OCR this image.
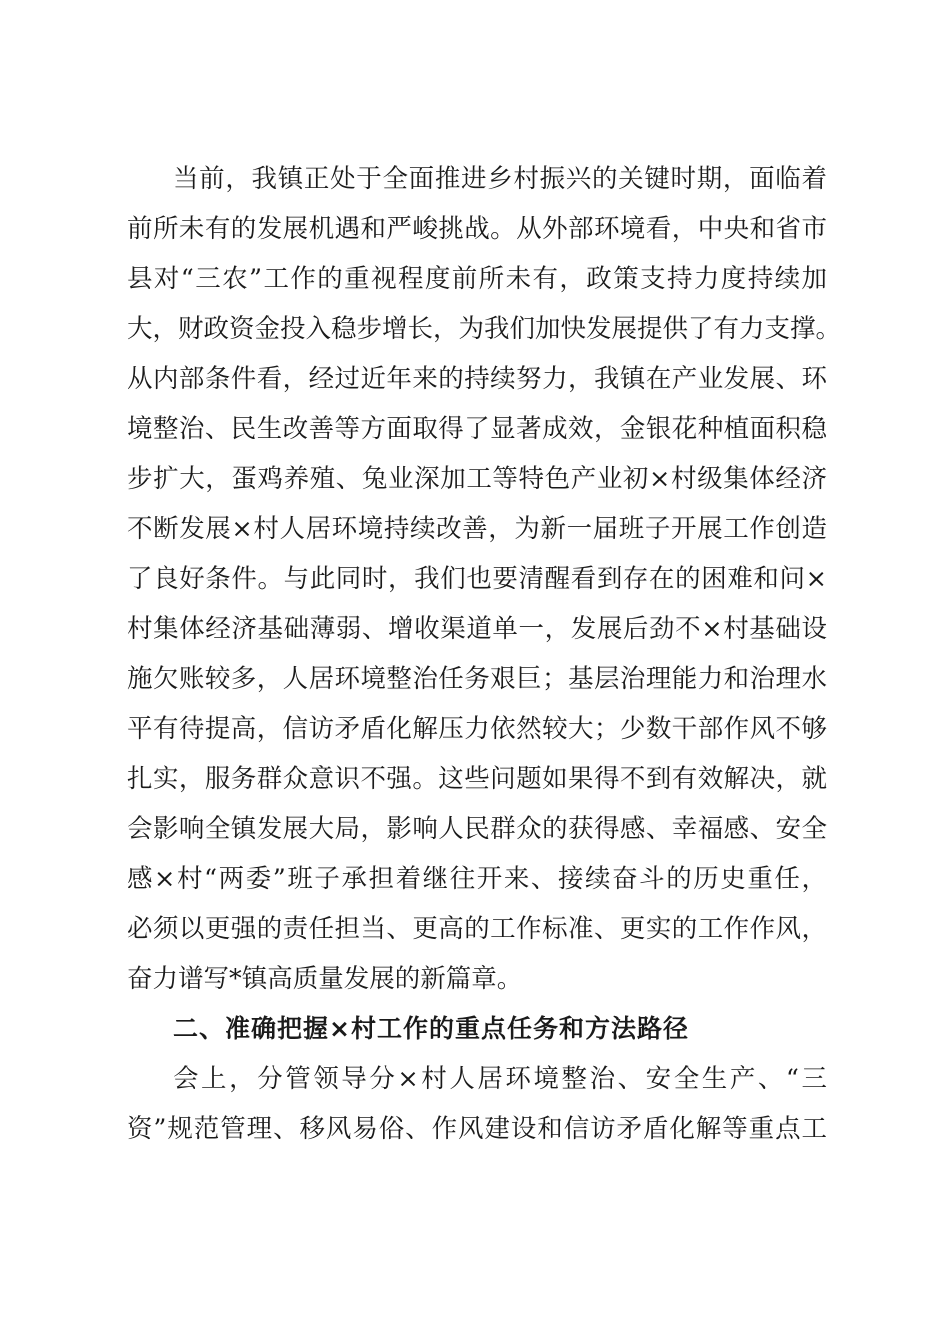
当前，我镇正处于全面推进乡村振兴的关键时期，面临着
前所未有的发展机遇和严峻挑战。从外部环境看，中央和省市
县对“三农”工作的重视程度前所未有，政策支持力度持续加
大，财政资金投入稳步增长，为我们加快发展提供了有力支撑。
从内部条件看，经过近年来的持续努力，我镇在产业发展、环
境整治、民生改善等方面取得了显著成效，金银花种植面积稳
步扩大，蛋鸡养殖、兔业深加工等特色产业初×村级集体经济
不断发展×村人居环境持续改善，为新一届班子开展工作创造
了良好条件。与此同时，我们也要清醒看到存在的困难和问×
村集体经济基础薄弱、增收渠道单一，发展后劲不×村基础设
施欠账较多，人居环境整治任务艰巨；基层治理能力和治理水
平有待提高，信访矛盾化解压力依然较大；少数干部作风不够
扎实，服务群众意识不强。这些问题如果得不到有效解决，就
会影响全镇发展大局，影响人民群众的获得感、幸福感、安全
感×村“两委”班子承担着继往开来、接续奋斗的历史重任，
必须以更强的责任担当、更高的工作标准、更实的工作作风，
奋力谱写*镇高质量发展的新篇章。
二、准确把握×村工作的重点任务和方法路径
会上，分管领导分×村人居环境整治、安全生产、“三
资”规范管理、移风易俗、作风建设和信访矛盾化解等重点工
